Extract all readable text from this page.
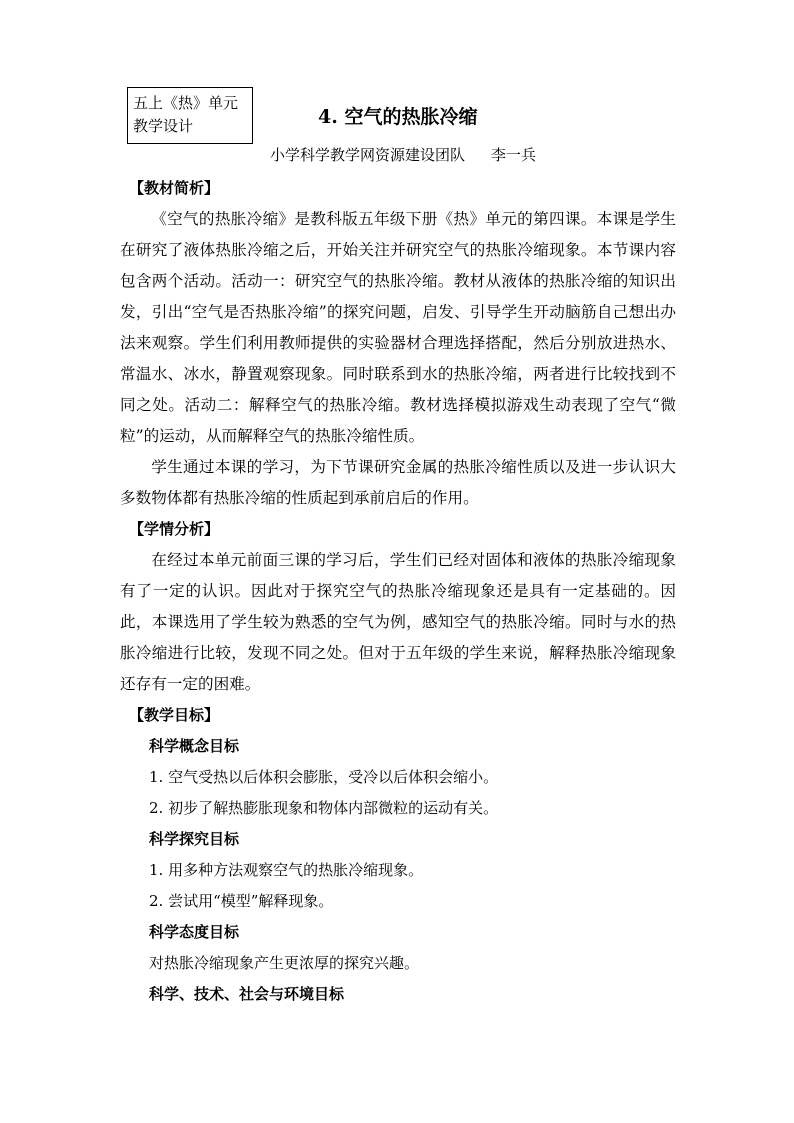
五上《热》单元
教学设计	4. 空气的热胀冷缩
小学科学教学网资源建设团队 李一兵
【教材简析】

《空气的热胀冷缩》是教科版五年级下册《热》单元的第四课。本课是学生在研究了液体热胀冷缩之后，开始关注并研究空气的热胀冷缩现象。本节课内容包含两个活动。活动一：研究空气的热胀冷缩。教材从液体的热胀冷缩的知识出发，引出“空气是否热胀冷缩”的探究问题，启发、引导学生开动脑筋自己想出办法来观察。学生们利用教师提供的实验器材合理选择搭配，然后分别放进热水、常温水、冰水，静置观察现象。同时联系到水的热胀冷缩，两者进行比较找到不同之处。活动二：解释空气的热胀冷缩。教材选择模拟游戏生动表现了空气“微粒”的运动，从而解释空气的热胀冷缩性质。

学生通过本课的学习，为下节课研究金属的热胀冷缩性质以及进一步认识大多数物体都有热胀冷缩的性质起到承前启后的作用。

【学情分析】

在经过本单元前面三课的学习后，学生们已经对固体和液体的热胀冷缩现象有了一定的认识。因此对于探究空气的热胀冷缩现象还是具有一定基础的。因此，本课选用了学生较为熟悉的空气为例，感知空气的热胀冷缩。同时与水的热胀冷缩进行比较，发现不同之处。但对于五年级的学生来说，解释热胀冷缩现象还存有一定的困难。

【教学目标】
科学概念目标
1. 空气受热以后体积会膨胀，受冷以后体积会缩小。
2. 初步了解热膨胀现象和物体内部微粒的运动有关。
科学探究目标
1. 用多种方法观察空气的热胀冷缩现象。
2. 尝试用“模型”解释现象。
科学态度目标
对热胀冷缩现象产生更浓厚的探究兴趣。
科学、技术、社会与环境目标
